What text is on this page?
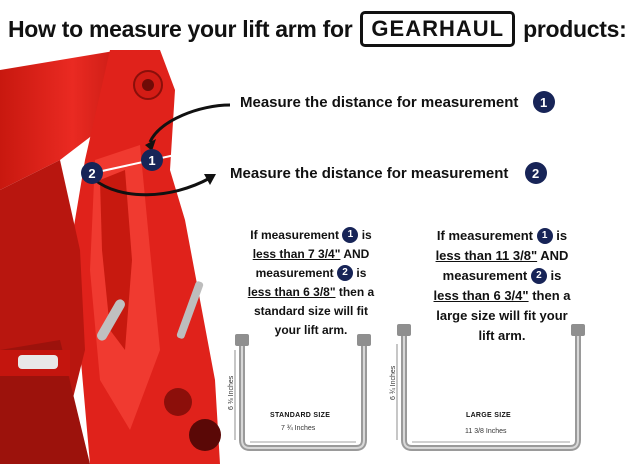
How to measure your lift arm for GEARHAUL products:
1
2
Measure the distance for measurement 1
Measure the distance for measurement 2
If measurement 1 is
less than 7 3/4" AND
measurement 2 is
less than 6 3/8" then a
standard size will fit
your lift arm.
If measurement 1 is
less than 11 3/8" AND
measurement 2 is
less than 6 3/4" then a
large size will fit your
lift arm.
STANDARD SIZE
7 ¾ Inches
6 ⅜ Inches
LARGE SIZE
11 3/8 Inches
6 ¾ Inches
